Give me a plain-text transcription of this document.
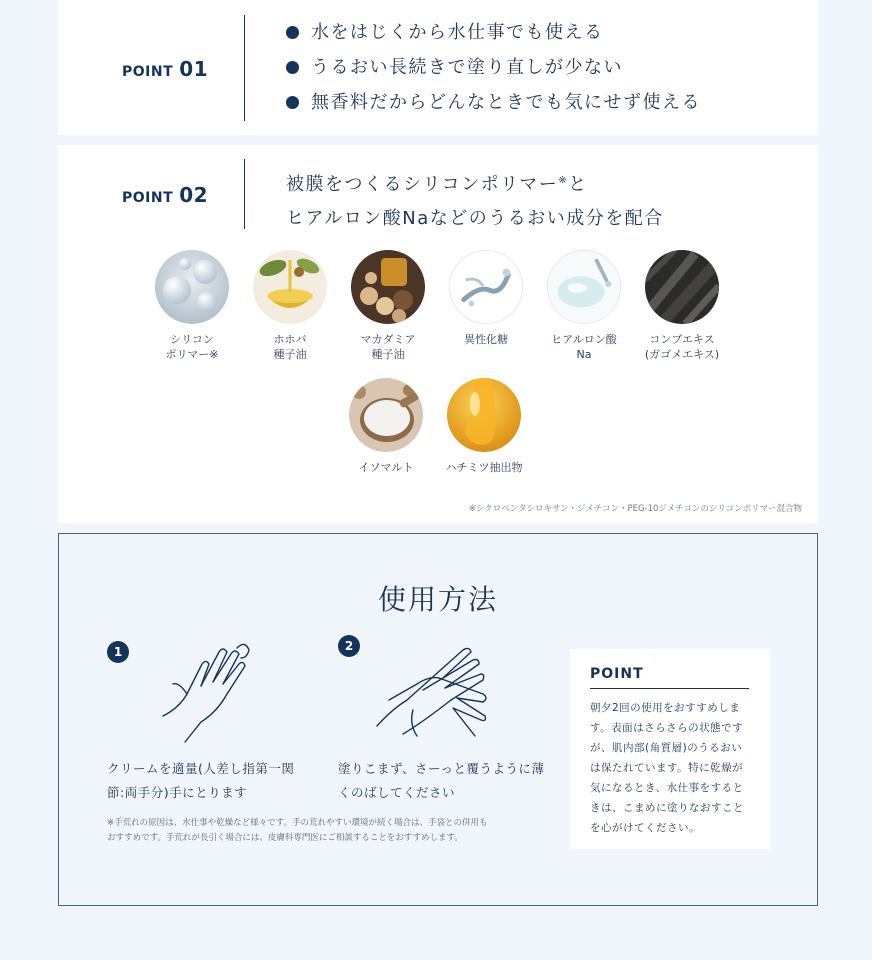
POINT 01
水をはじくから水仕事でも使える
うるおい長続きで塗り直しが少ない
無香料だからどんなときでも気にせず使える
POINT 02	被膜をつくるシリコンポリマー※と
ヒアルロン酸Naなどのうるおい成分を配合
シリコン
ポリマー※
ホホバ
種子油
マカダミア
種子油
異性化糖	ヒアルロン酸
Na
コンブエキス
(ガゴメエキス)
イソマルト	ハチミツ抽出物
※シクロペンタシロキサン・ジメチコン・PEG-10ジメチコンのシリコンポリマー混合物
使用方法
1
クリームを適量(人差し指第一関
節:両手分)手にとります
2
塗りこまず、さーっと覆うように薄
くのばしてください
※手荒れの原因は、水仕事や乾燥など様々です。手の荒れやすい環境が続く場合は、手袋との併用も
おすすめです。手荒れが長引く場合には、皮膚科専門医にご相談することをおすすめします。
POINT
朝夕2回の使用をおすすめします。表面はさらさらの状態ですが、肌内部(角質層)のうるおいは保たれています。特に乾燥が気になるとき、水仕事をするときは、こまめに塗りなおすことを心がけてください。
